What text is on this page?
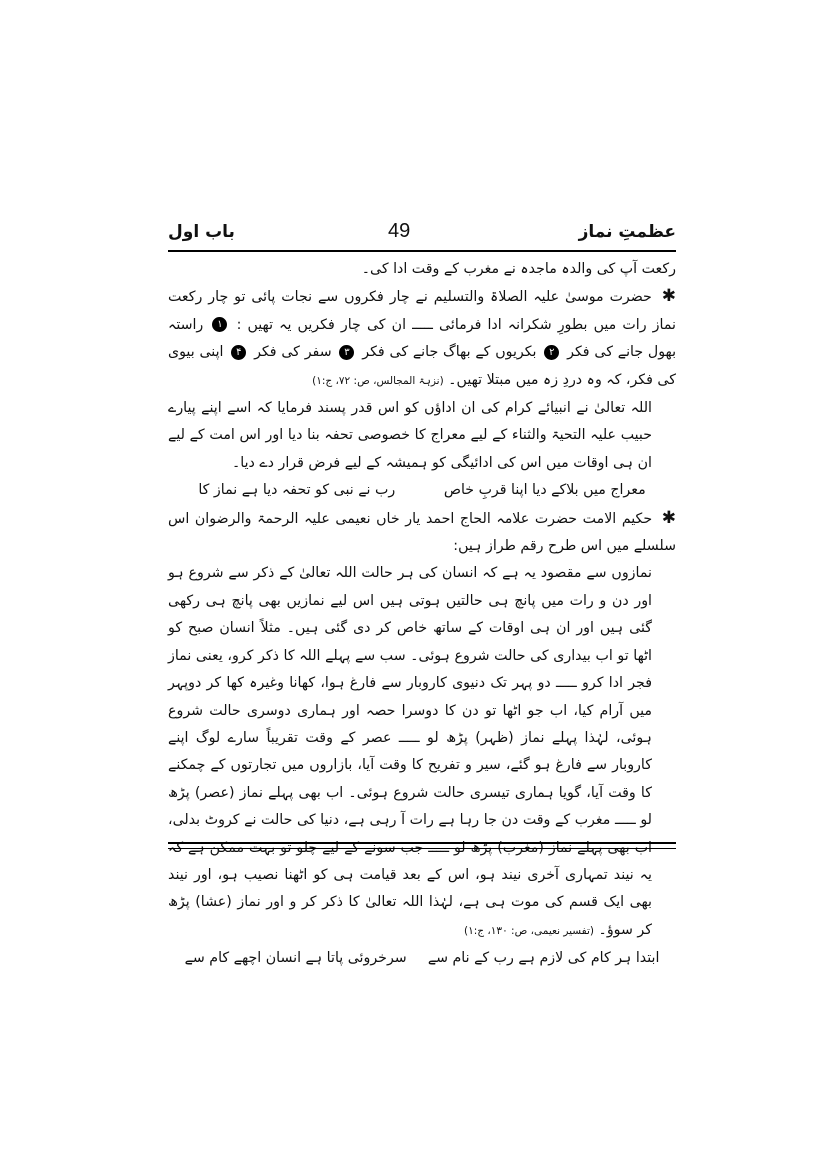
عظمتِ نماز
49
باب اول

رکعت آپ کی والدہ ماجدہ نے مغرب کے وقت ادا کی۔

✱ حضرت موسیٰ علیہ الصلاۃ والتسلیم نے چار فکروں سے نجات پائی تو چار رکعت نماز رات میں بطورِ شکرانہ ادا فرمائی ـــــ ان کی چار فکریں یہ تھیں : ۱ راستہ بھول جانے کی فکر ۲ بکریوں کے بھاگ جانے کی فکر ۳ سفر کی فکر ۴ اپنی بیوی کی فکر، کہ وہ دردِ زہ میں مبتلا تھیں۔ (نزہۃ المجالس، ص: ۷۲، ج:۱)

اللہ تعالیٰ نے انبیائے کرام کی ان اداؤں کو اس قدر پسند فرمایا کہ اسے اپنے پیارے حبیب علیہ التحیۃ والثناء کے لیے معراج کا خصوصی تحفہ بنا دیا اور اس امت کے لیے ان ہی اوقات میں اس کی ادائیگی کو ہمیشہ کے لیے فرض قرار دے دیا۔

معراج میں بلاکے دیا اپنا قربِ خاص
رب نے نبی کو تحفہ دیا ہے نماز کا

✱ حکیم الامت حضرت علامہ الحاج احمد یار خاں نعیمی علیہ الرحمۃ والرضوان اس سلسلے میں اس طرح رقم طراز ہیں:

نمازوں سے مقصود یہ ہے کہ انسان کی ہر حالت اللہ تعالیٰ کے ذکر سے شروع ہو اور دن و رات میں پانچ ہی حالتیں ہوتی ہیں اس لیے نمازیں بھی پانچ ہی رکھی گئی ہیں اور ان ہی اوقات کے ساتھ خاص کر دی گئی ہیں۔ مثلاً انسان صبح کو اٹھا تو اب بیداری کی حالت شروع ہوئی۔ سب سے پہلے اللہ کا ذکر کرو، یعنی نماز فجر ادا کرو ـــــ دو پہر تک دنیوی کاروبار سے فارغ ہوا، کھانا وغیرہ کھا کر دوپہر میں آرام کیا، اب جو اٹھا تو دن کا دوسرا حصہ اور ہماری دوسری حالت شروع ہوئی، لہٰذا پہلے نماز (ظہر) پڑھ لو ـــــ عصر کے وقت تقریباً سارے لوگ اپنے کاروبار سے فارغ ہو گئے، سیر و تفریح کا وقت آیا، بازاروں میں تجارتوں کے چمکنے کا وقت آیا، گویا ہماری تیسری حالت شروع ہوئی۔ اب بھی پہلے نماز (عصر) پڑھ لو ـــــ مغرب کے وقت دن جا رہا ہے رات آ رہی ہے، دنیا کی حالت نے کروٹ بدلی، اب بھی پہلے نماز (مغرب) پڑھ لو ـــــ جب سونے کے لیے چلو تو بہت ممکن ہے کہ یہ نیند تمہاری آخری نیند ہو، اس کے بعد قیامت ہی کو اٹھنا نصیب ہو، اور نیند بھی ایک قسم کی موت ہی ہے، لہٰذا اللہ تعالیٰ کا ذکر کر و اور نماز (عشا) پڑھ کر سوؤ۔ (تفسیر نعیمی، ص: ۱۳۰، ج:۱)

ابتدا ہر کام کی لازم ہے رب کے نام سے
سرخروئی پاتا ہے انسان اچھے کام سے
